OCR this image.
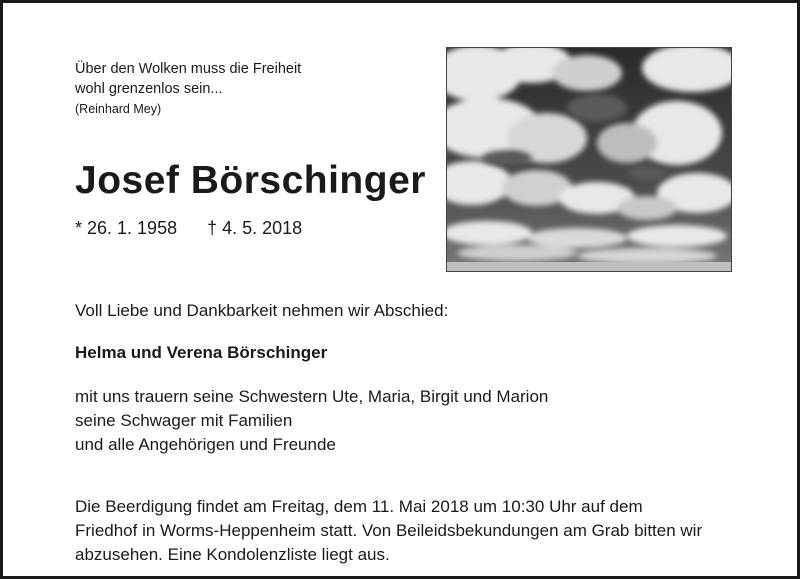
Über den Wolken muss die Freiheit
wohl grenzenlos sein...
(Reinhard Mey)
Josef Börschinger
* 26. 1. 1958 † 4. 5. 2018
Voll Liebe und Dankbarkeit nehmen wir Abschied:
Helma und Verena Börschinger
mit uns trauern seine Schwestern Ute, Maria, Birgit und Marion
seine Schwager mit Familien
und alle Angehörigen und Freunde
Die Beerdigung findet am Freitag, dem 11. Mai 2018 um 10:30 Uhr auf dem
Friedhof in Worms-Heppenheim statt. Von Beileidsbekundungen am Grab bitten wir
abzusehen. Eine Kondolenzliste liegt aus.
